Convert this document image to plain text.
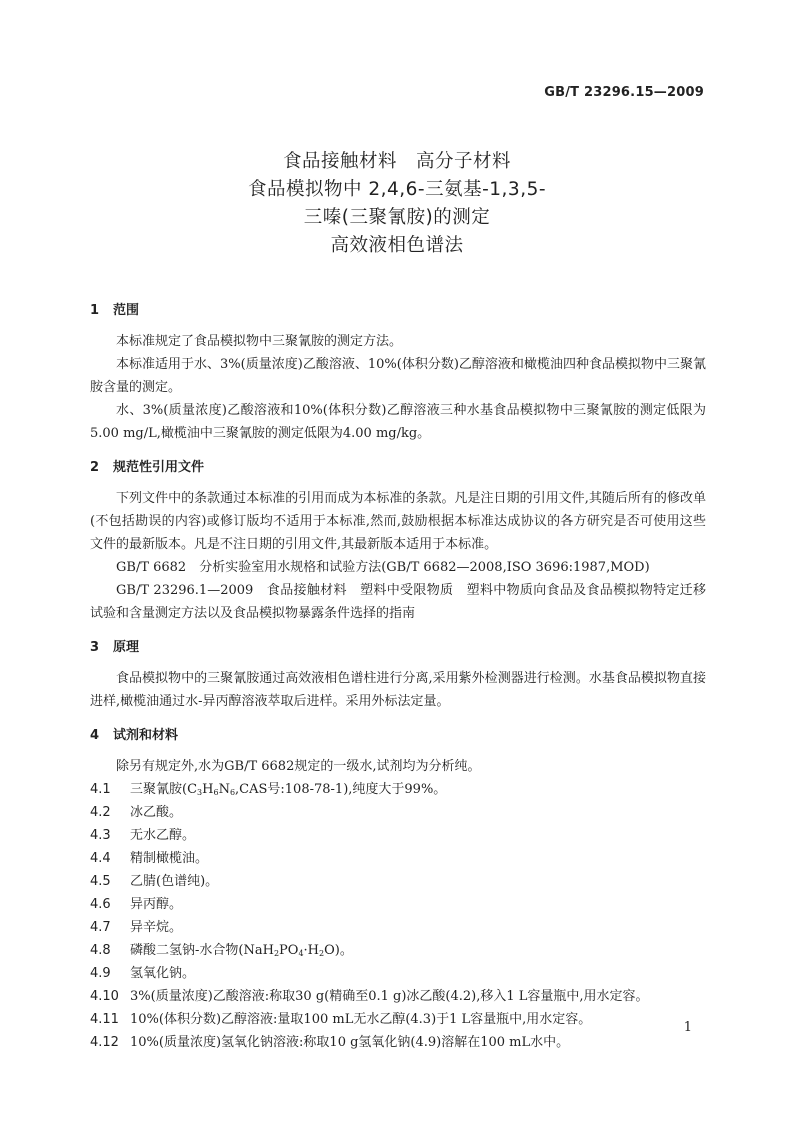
GB/T 23296.15—2009
食品接触材料　高分子材料
食品模拟物中 2,4,6-三氨基-1,3,5-
三嗪(三聚氰胺)的测定
高效液相色谱法
1 范围
本标准规定了食品模拟物中三聚氰胺的测定方法。
本标准适用于水、3%(质量浓度)乙酸溶液、10%(体积分数)乙醇溶液和橄榄油四种食品模拟物中三聚氰胺含量的测定。
水、3%(质量浓度)乙酸溶液和10%(体积分数)乙醇溶液三种水基食品模拟物中三聚氰胺的测定低限为5.00 mg/L,橄榄油中三聚氰胺的测定低限为4.00 mg/kg。
2 规范性引用文件
下列文件中的条款通过本标准的引用而成为本标准的条款。凡是注日期的引用文件,其随后所有的修改单(不包括勘误的内容)或修订版均不适用于本标准,然而,鼓励根据本标准达成协议的各方研究是否可使用这些文件的最新版本。凡是不注日期的引用文件,其最新版本适用于本标准。
GB/T 6682　分析实验室用水规格和试验方法(GB/T 6682—2008,ISO 3696:1987,MOD)
GB/T 23296.1—2009　食品接触材料　塑料中受限物质　塑料中物质向食品及食品模拟物特定迁移试验和含量测定方法以及食品模拟物暴露条件选择的指南
3 原理
食品模拟物中的三聚氰胺通过高效液相色谱柱进行分离,采用紫外检测器进行检测。水基食品模拟物直接进样,橄榄油通过水-异丙醇溶液萃取后进样。采用外标法定量。
4 试剂和材料
除另有规定外,水为GB/T 6682规定的一级水,试剂均为分析纯。
4.1 三聚氰胺($C_3H_6N_6,CAS$号:108-78-1),纯度大于99%。
4.2 冰乙酸。
4.3 无水乙醇。
4.4 精制橄榄油。
4.5 乙腈(色谱纯)。
4.6 异丙醇。
4.7 异辛烷。
4.8 磷酸二氢钠-水合物$(NaH_2PO_4\cdot H_2O)$。
4.9 氢氧化钠。
4.10 3%(质量浓度)乙酸溶液:称取30 g(精确至0.1 g)冰乙酸(4.2),移入1 L容量瓶中,用水定容。
4.11 10%(体积分数)乙醇溶液:量取100 mL无水乙醇(4.3)于1 L容量瓶中,用水定容。
4.12 10%(质量浓度)氢氧化钠溶液:称取10 g氢氧化钠(4.9)溶解在100 mL水中。
1
